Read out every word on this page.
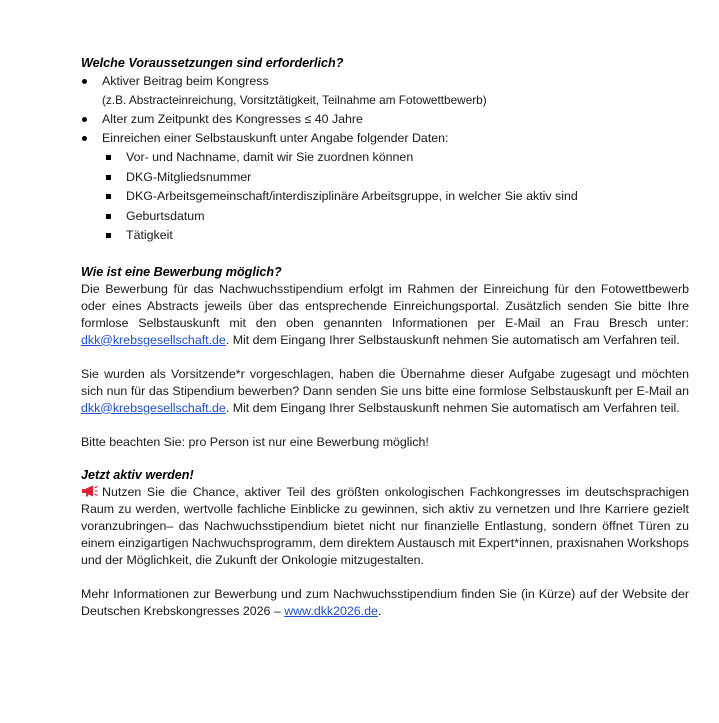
Welche Voraussetzungen sind erforderlich?
Aktiver Beitrag beim Kongress
(z.B. Abstracteinreichung, Vorsitztätigkeit, Teilnahme am Fotowettbewerb)
Alter zum Zeitpunkt des Kongresses ≤ 40 Jahre
Einreichen einer Selbstauskunft unter Angabe folgender Daten:
Vor- und Nachname, damit wir Sie zuordnen können
DKG-Mitgliedsnummer
DKG-Arbeitsgemeinschaft/interdisziplinäre Arbeitsgruppe, in welcher Sie aktiv sind
Geburtsdatum
Tätigkeit
Wie ist eine Bewerbung möglich?

Die Bewerbung für das Nachwuchsstipendium erfolgt im Rahmen der Einreichung für den Fotowettbewerb oder eines Abstracts jeweils über das entsprechende Einreichungsportal. Zusätzlich senden Sie bitte Ihre formlose Selbstauskunft mit den oben genannten Informationen per E-Mail an Frau Bresch unter: dkk@krebsgesellschaft.de. Mit dem Eingang Ihrer Selbstauskunft nehmen Sie automatisch am Verfahren teil.

Sie wurden als Vorsitzende*r vorgeschlagen, haben die Übernahme dieser Aufgabe zugesagt und möchten sich nun für das Stipendium bewerben? Dann senden Sie uns bitte eine formlose Selbstauskunft per E-Mail an dkk@krebsgesellschaft.de. Mit dem Eingang Ihrer Selbstauskunft nehmen Sie automatisch am Verfahren teil.

Bitte beachten Sie: pro Person ist nur eine Bewerbung möglich!

Jetzt aktiv werden!

Nutzen Sie die Chance, aktiver Teil des größten onkologischen Fachkongresses im deutschsprachigen Raum zu werden, wertvolle fachliche Einblicke zu gewinnen, sich aktiv zu vernetzen und Ihre Karriere gezielt voranzubringen– das Nachwuchsstipendium bietet nicht nur finanzielle Entlastung, sondern öffnet Türen zu einem einzigartigen Nachwuchsprogramm, dem direktem Austausch mit Expert*innen, praxisnahen Workshops und der Möglichkeit, die Zukunft der Onkologie mitzugestalten.

Mehr Informationen zur Bewerbung und zum Nachwuchsstipendium finden Sie (in Kürze) auf der Website der Deutschen Krebskongresses 2026 – www.dkk2026.de.
